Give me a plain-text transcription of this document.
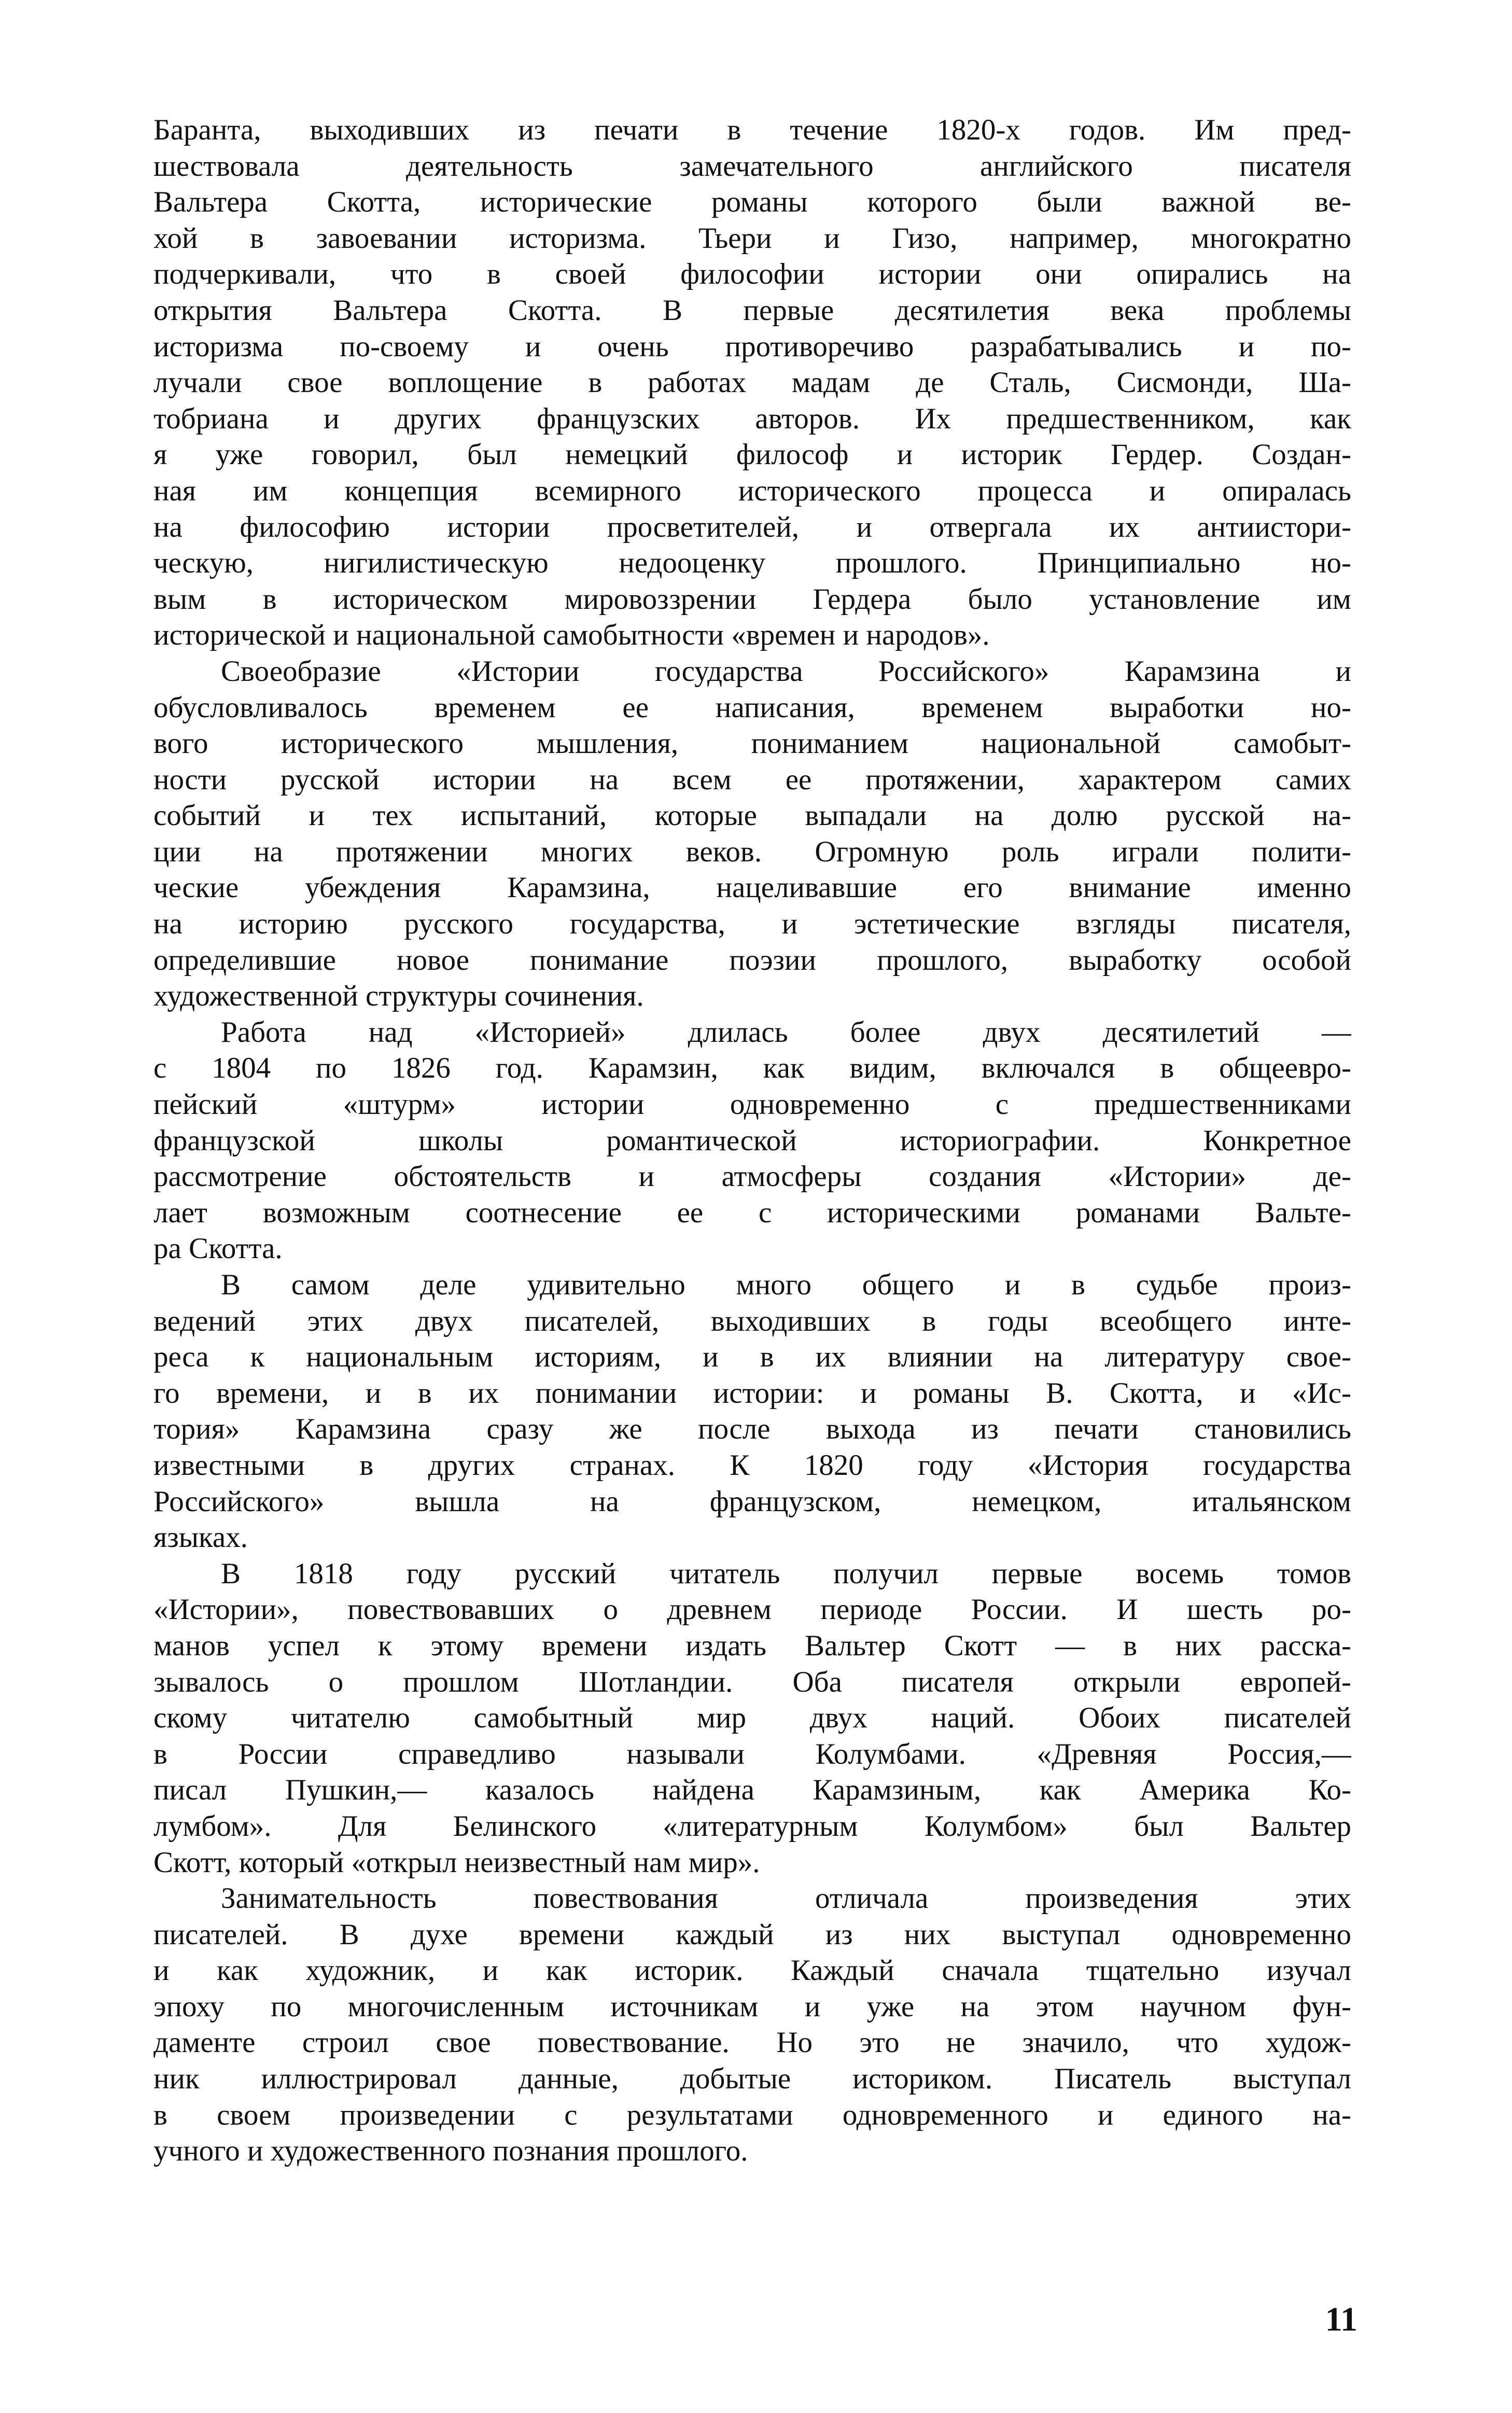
Баранта, выходивших из печати в течение 1820-х годов. Им пред-
шествовала деятельность замечательного английского писателя
Вальтера Скотта, исторические романы которого были важной ве-
хой в завоевании историзма. Тьери и Гизо, например, многократно
подчеркивали, что в своей философии истории они опирались на
открытия Вальтера Скотта. В первые десятилетия века проблемы
историзма по-своему и очень противоречиво разрабатывались и по-
лучали свое воплощение в работах мадам де Сталь, Сисмонди, Ша-
тобриана и других французских авторов. Их предшественником, как
я уже говорил, был немецкий философ и историк Гердер. Создан-
ная им концепция всемирного исторического процесса и опиралась
на философию истории просветителей, и отвергала их антиистори-
ческую, нигилистическую недооценку прошлого. Принципиально но-
вым в историческом мировоззрении Гердера было установление им
исторической и национальной самобытности «времен и народов».
Своеобразие «Истории государства Российского» Карамзина и
обусловливалось временем ее написания, временем выработки но-
вого исторического мышления, пониманием национальной самобыт-
ности русской истории на всем ее протяжении, характером самих
событий и тех испытаний, которые выпадали на долю русской на-
ции на протяжении многих веков. Огромную роль играли полити-
ческие убеждения Карамзина, нацеливавшие его внимание именно
на историю русского государства, и эстетические взгляды писателя,
определившие новое понимание поэзии прошлого, выработку особой
художественной структуры сочинения.
Работа над «Историей» длилась более двух десятилетий —
с 1804 по 1826 год. Карамзин, как видим, включался в общеевро-
пейский «штурм» истории одновременно с предшественниками
французской школы романтической историографии. Конкретное
рассмотрение обстоятельств и атмосферы создания «Истории» де-
лает возможным соотнесение ее с историческими романами Вальте-
ра Скотта.
В самом деле удивительно много общего и в судьбе произ-
ведений этих двух писателей, выходивших в годы всеобщего инте-
реса к национальным историям, и в их влиянии на литературу свое-
го времени, и в их понимании истории: и романы В. Скотта, и «Ис-
тория» Карамзина сразу же после выхода из печати становились
известными в других странах. К 1820 году «История государства
Российского» вышла на французском, немецком, итальянском
языках.
В 1818 году русский читатель получил первые восемь томов
«Истории», повествовавших о древнем периоде России. И шесть ро-
манов успел к этому времени издать Вальтер Скотт — в них расска-
зывалось о прошлом Шотландии. Оба писателя открыли европей-
скому читателю самобытный мир двух наций. Обоих писателей
в России справедливо называли Колумбами. «Древняя Россия,—
писал Пушкин,— казалось найдена Карамзиным, как Америка Ко-
лумбом». Для Белинского «литературным Колумбом» был Вальтер
Скотт, который «открыл неизвестный нам мир».
Занимательность повествования отличала произведения этих
писателей. В духе времени каждый из них выступал одновременно
и как художник, и как историк. Каждый сначала тщательно изучал
эпоху по многочисленным источникам и уже на этом научном фун-
даменте строил свое повествование. Но это не значило, что худож-
ник иллюстрировал данные, добытые историком. Писатель выступал
в своем произведении с результатами одновременного и единого на-
учного и художественного познания прошлого.
11
